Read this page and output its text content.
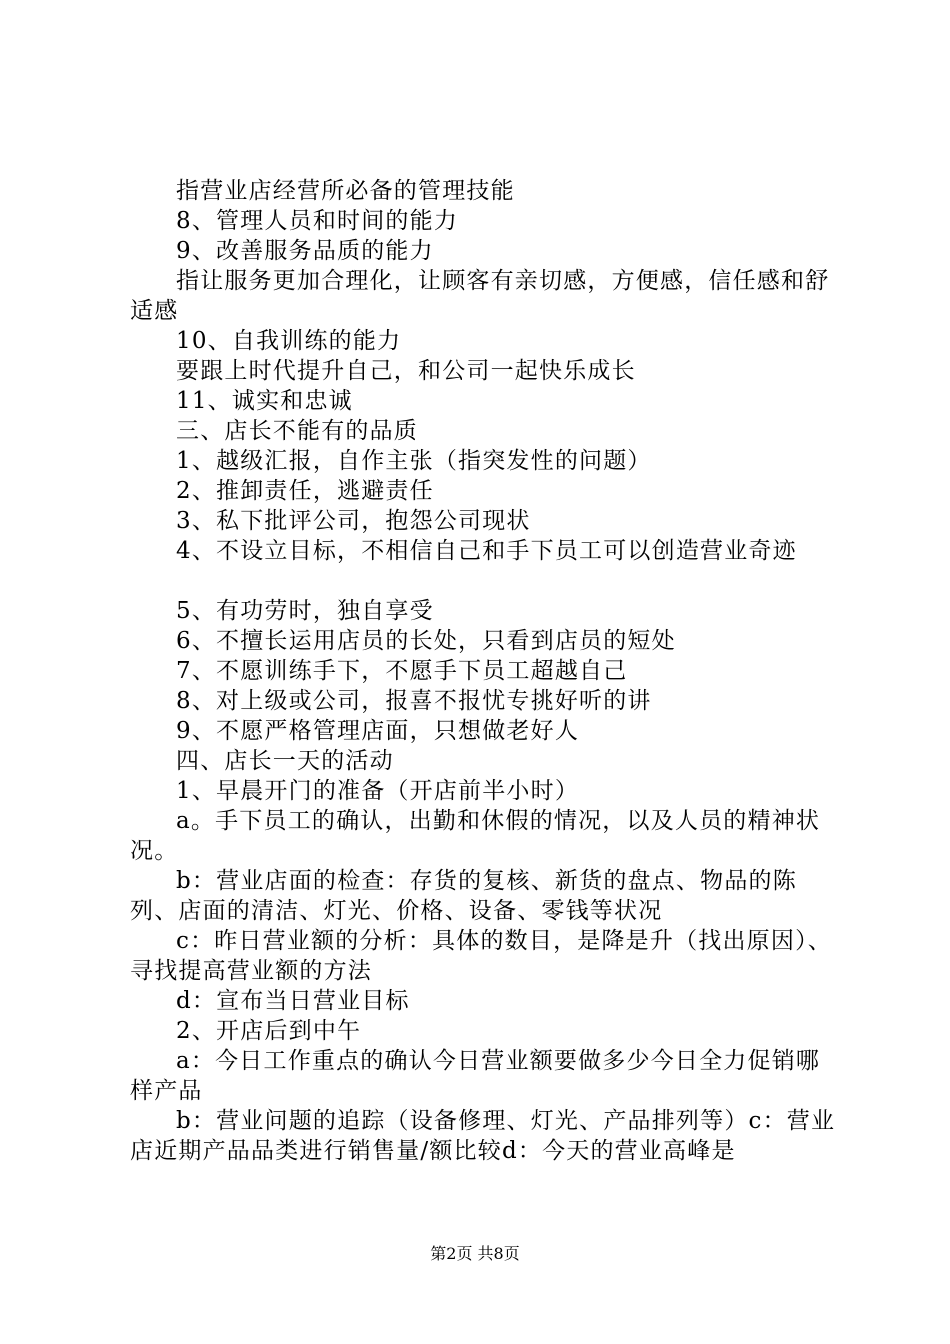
指营业店经营所必备的管理技能

8、管理人员和时间的能力

9、改善服务品质的能力

指让服务更加合理化，让顾客有亲切感，方便感，信任感和舒适感

10、自我训练的能力

要跟上时代提升自己，和公司一起快乐成长

11、诚实和忠诚

三、店长不能有的品质

1、越级汇报，自作主张（指突发性的问题）

2、推卸责任，逃避责任

3、私下批评公司，抱怨公司现状

4、不设立目标，不相信自己和手下员工可以创造营业奇迹

5、有功劳时，独自享受

6、不擅长运用店员的长处，只看到店员的短处

7、不愿训练手下，不愿手下员工超越自己

8、对上级或公司，报喜不报忧专挑好听的讲

9、不愿严格管理店面，只想做老好人

四、店长一天的活动

1、早晨开门的准备（开店前半小时）

a。手下员工的确认，出勤和休假的情况，以及人员的精神状况。

b：营业店面的检查：存货的复核、新货的盘点、物品的陈列、店面的清洁、灯光、价格、设备、零钱等状况

c：昨日营业额的分析：具体的数目，是降是升（找出原因）、寻找提高营业额的方法

d：宣布当日营业目标

2、开店后到中午

a：今日工作重点的确认今日营业额要做多少今日全力促销哪样产品

b：营业问题的追踪（设备修理、灯光、产品排列等）c：营业店近期产品品类进行销售量/额比较d：今天的营业高峰是

第2页 共8页
